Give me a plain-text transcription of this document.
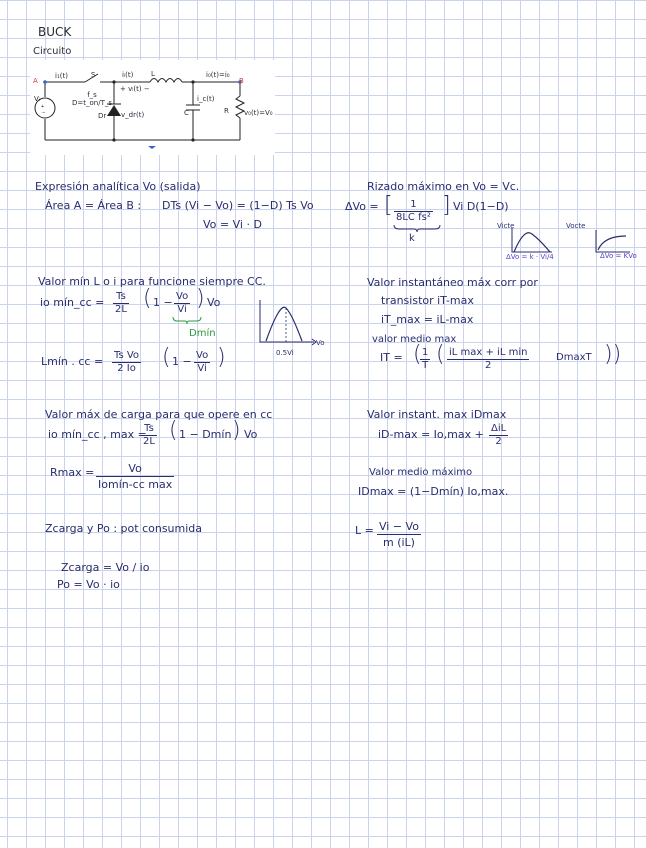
BUCK
Circuito
+
−
A	B
i₁(t)	S	iₗ(t)	L	i₀(t)=i₀
+ vₗ(t) −
f_s
D=t_on/T_s
Vᵢ
Dr v_dr(t)
i_c(t)
C	R v₀(t)=V₀
Expresión analítica Vo (salida)
Área A = Área B : DTs (Vi − Vo) = (1−D) Ts Vo
Vo = Vi · D
Rizado máximo en Vo = Vc.
ΔVo = [ $\frac{1}{\text{8LC fs²}}$ ] Vi D(1−D)
k
Victe	Vocte
ΔVo = k · Vi/4	ΔVo = KVo
Valor mín L o i para funcione siempre CC.
io mín_cc = $\frac{Ts}{2L}$ ( $1 - \frac{Vo}{Vi}$ ) Vo
Dmín
Vo
0.5Vi
Lmín . cc = $\frac{\text{Ts Vo}}{2 Io}$ ( $1 - \frac{Vo}{Vi}$ )
Valor instantáneo máx corr por
transistor iT-max
iT_max = iL-max
valor medio max
IT = (
$\frac{1}{T}$ ( iL max + iL min
2
DmaxT ))
Valor máx de carga para que opere en cc
io mín_cc , max =
$\frac{Ts}{2L}$ ( 1 − Dmín ) Vo
Rmax =	Vo
Iomín-cc max
Valor instant. max iDmax
iD-max = Io,max + ΔiL
2
Valor medio máximo
IDmax = (1−Dmín) Io,max.
Zcarga y Po : pot consumida
Zcarga = Vo / io
Po = Vo · io
$L = \frac{Vi - Vo}{m (iL)}$
